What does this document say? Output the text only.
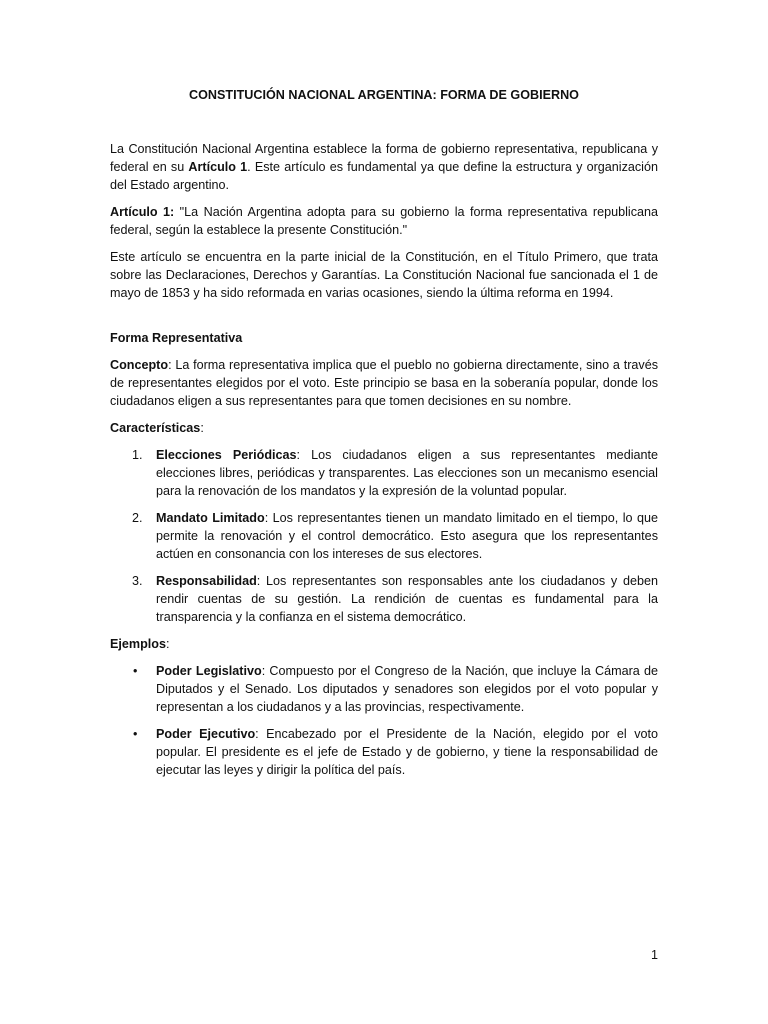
CONSTITUCIÓN NACIONAL ARGENTINA: FORMA DE GOBIERNO

La Constitución Nacional Argentina establece la forma de gobierno representativa, republicana y federal en su Artículo 1. Este artículo es fundamental ya que define la estructura y organización del Estado argentino.

Artículo 1: "La Nación Argentina adopta para su gobierno la forma representativa republicana federal, según la establece la presente Constitución."

Este artículo se encuentra en la parte inicial de la Constitución, en el Título Primero, que trata sobre las Declaraciones, Derechos y Garantías. La Constitución Nacional fue sancionada el 1 de mayo de 1853 y ha sido reformada en varias ocasiones, siendo la última reforma en 1994.

Forma Representativa

Concepto: La forma representativa implica que el pueblo no gobierna directamente, sino a través de representantes elegidos por el voto. Este principio se basa en la soberanía popular, donde los ciudadanos eligen a sus representantes para que tomen decisiones en su nombre.

Características:
1.	Elecciones Periódicas: Los ciudadanos eligen a sus representantes mediante elecciones libres, periódicas y transparentes. Las elecciones son un mecanismo esencial para la renovación de los mandatos y la expresión de la voluntad popular.
2.	Mandato Limitado: Los representantes tienen un mandato limitado en el tiempo, lo que permite la renovación y el control democrático. Esto asegura que los representantes actúen en consonancia con los intereses de sus electores.
3.	Responsabilidad: Los representantes son responsables ante los ciudadanos y deben rendir cuentas de su gestión. La rendición de cuentas es fundamental para la transparencia y la confianza en el sistema democrático.
Ejemplos:
• Poder Legislativo: Compuesto por el Congreso de la Nación, que incluye la Cámara de Diputados y el Senado. Los diputados y senadores son elegidos por el voto popular y representan a los ciudadanos y a las provincias, respectivamente.
• Poder Ejecutivo: Encabezado por el Presidente de la Nación, elegido por el voto popular. El presidente es el jefe de Estado y de gobierno, y tiene la responsabilidad de ejecutar las leyes y dirigir la política del país.
1
